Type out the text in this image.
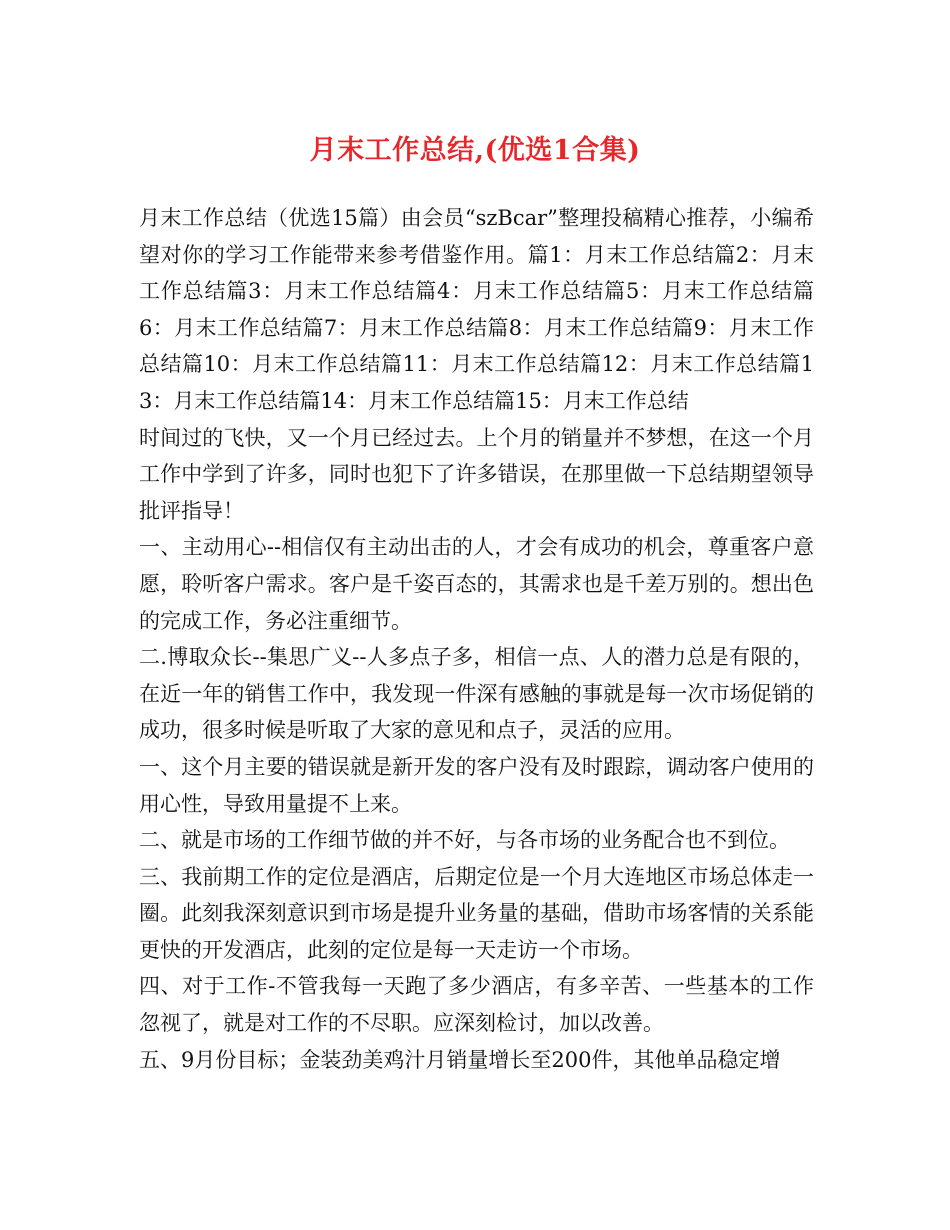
月末工作总结,(优选1合集)

月末工作总结（优选15篇）由会员“szBcar”整理投稿精心推荐，小编希望对你的学习工作能带来参考借鉴作用。篇1：月末工作总结篇2：月末工作总结篇3：月末工作总结篇4：月末工作总结篇5：月末工作总结篇6：月末工作总结篇7：月末工作总结篇8：月末工作总结篇9：月末工作总结篇10：月末工作总结篇11：月末工作总结篇12：月末工作总结篇13：月末工作总结篇14：月末工作总结篇15：月末工作总结

时间过的飞快，又一个月已经过去。上个月的销量并不梦想，在这一个月工作中学到了许多，同时也犯下了许多错误，在那里做一下总结期望领导批评指导！

一、主动用心--相信仅有主动出击的人，才会有成功的机会，尊重客户意愿，聆听客户需求。客户是千姿百态的，其需求也是千差万别的。想出色的完成工作，务必注重细节。

二.博取众长--集思广义--人多点子多，相信一点、人的潜力总是有限的，在近一年的销售工作中，我发现一件深有感触的事就是每一次市场促销的成功，很多时候是听取了大家的意见和点子，灵活的应用。

一、这个月主要的错误就是新开发的客户没有及时跟踪，调动客户使用的用心性，导致用量提不上来。

二、就是市场的工作细节做的并不好，与各市场的业务配合也不到位。

三、我前期工作的定位是酒店，后期定位是一个月大连地区市场总体走一圈。此刻我深刻意识到市场是提升业务量的基础，借助市场客情的关系能更快的开发酒店，此刻的定位是每一天走访一个市场。

四、对于工作-不管我每一天跑了多少酒店，有多辛苦、一些基本的工作忽视了，就是对工作的不尽职。应深刻检讨，加以改善。

五、9月份目标；金装劲美鸡汁月销量增长至200件，其他单品稳定增
